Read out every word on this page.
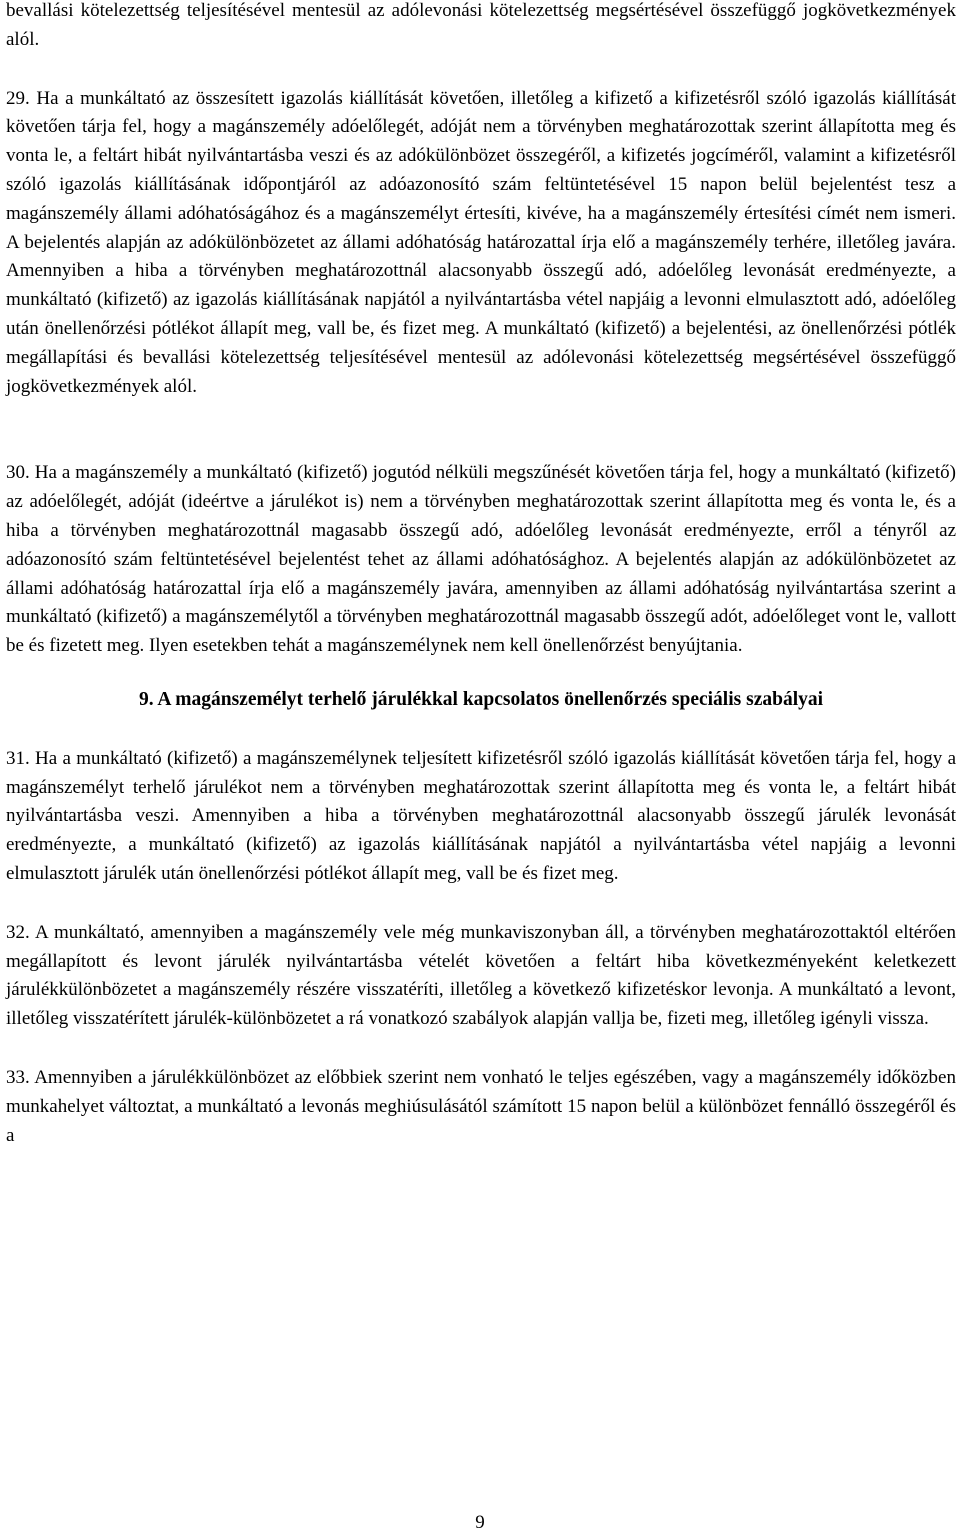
bevallási kötelezettség teljesítésével mentesül az adólevonási kötelezettség megsértésével összefüggő jogkövetkezmények alól.

29. Ha a munkáltató az összesített igazolás kiállítását követően, illetőleg a kifizető a kifizetésről szóló igazolás kiállítását követően tárja fel, hogy a magánszemély adóelőlegét, adóját nem a törvényben meghatározottak szerint állapította meg és vonta le, a feltárt hibát nyilvántartásba veszi és az adókülönbözet összegéről, a kifizetés jogcíméről, valamint a kifizetésről szóló igazolás kiállításának időpontjáról az adóazonosító szám feltüntetésével 15 napon belül bejelentést tesz a magánszemély állami adóhatóságához és a magánszemélyt értesíti, kivéve, ha a magánszemély értesítési címét nem ismeri. A bejelentés alapján az adókülönbözetet az állami adóhatóság határozattal írja elő a magánszemély terhére, illetőleg javára. Amennyiben a hiba a törvényben meghatározottnál alacsonyabb összegű adó, adóelőleg levonását eredményezte, a munkáltató (kifizető) az igazolás kiállításának napjától a nyilvántartásba vétel napjáig a levonni elmulasztott adó, adóelőleg után önellenőrzési pótlékot állapít meg, vall be, és fizet meg. A munkáltató (kifizető) a bejelentési, az önellenőrzési pótlék megállapítási és bevallási kötelezettség teljesítésével mentesül az adólevonási kötelezettség megsértésével összefüggő jogkövetkezmények alól.

30. Ha a magánszemély a munkáltató (kifizető) jogutód nélküli megszűnését követően tárja fel, hogy a munkáltató (kifizető) az adóelőlegét, adóját (ideértve a járulékot is) nem a törvényben meghatározottak szerint állapította meg és vonta le, és a hiba a törvényben meghatározottnál magasabb összegű adó, adóelőleg levonását eredményezte, erről a tényről az adóazonosító szám feltüntetésével bejelentést tehet az állami adóhatósághoz. A bejelentés alapján az adókülönbözetet az állami adóhatóság határozattal írja elő a magánszemély javára, amennyiben az állami adóhatóság nyilvántartása szerint a munkáltató (kifizető) a magánszemélytől a törvényben meghatározottnál magasabb összegű adót, adóelőleget vont le, vallott be és fizetett meg. Ilyen esetekben tehát a magánszemélynek nem kell önellenőrzést benyújtania.

9. A magánszemélyt terhelő járulékkal kapcsolatos önellenőrzés speciális szabályai

31. Ha a munkáltató (kifizető) a magánszemélynek teljesített kifizetésről szóló igazolás kiállítását követően tárja fel, hogy a magánszemélyt terhelő járulékot nem a törvényben meghatározottak szerint állapította meg és vonta le, a feltárt hibát nyilvántartásba veszi. Amennyiben a hiba a törvényben meghatározottnál alacsonyabb összegű járulék levonását eredményezte, a munkáltató (kifizető) az igazolás kiállításának napjától a nyilvántartásba vétel napjáig a levonni elmulasztott járulék után önellenőrzési pótlékot állapít meg, vall be és fizet meg.

32. A munkáltató, amennyiben a magánszemély vele még munkaviszonyban áll, a törvényben meghatározottaktól eltérően megállapított és levont járulék nyilvántartásba vételét követően a feltárt hiba következményeként keletkezett járulékkülönbözetet a magánszemély részére visszatéríti, illetőleg a következő kifizetéskor levonja. A munkáltató a levont, illetőleg visszatérített járulék-különbözetet a rá vonatkozó szabályok alapján vallja be, fizeti meg, illetőleg igényli vissza.

33. Amennyiben a járulékkülönbözet az előbbiek szerint nem vonható le teljes egészében, vagy a magánszemély időközben munkahelyet változtat, a munkáltató a levonás meghiúsulásától számított 15 napon belül a különbözet fennálló összegéről és a

9
